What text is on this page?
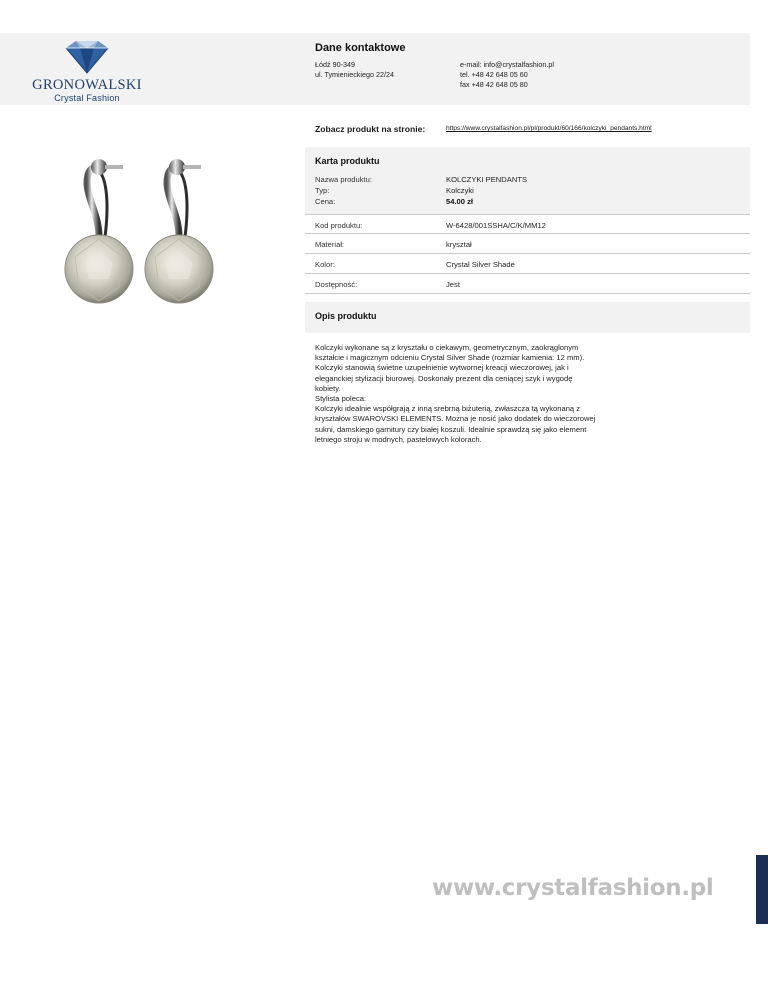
GRONOWALSKI
Crystal Fashion
Dane kontaktowe
Łódź 90-349
ul. Tymienieckiego 22/24
e-mail: info@crystalfashion.pl
tel. +48 42 648 05 60
fax +48 42 648 05 80
Zobacz produkt na stronie:	https://www.crystalfashion.pl/pl/produkt/60/166/kolczyki_pendants.html
Karta produktu
Nazwa produktu:	KOLCZYKI PENDANTS
Typ:	Kolczyki
Cena:	54.00 zł
Kod produktu:	W-6428/001SSHA/C/K/MM12
Materiał:	kryształ
Kolor:	Crystal Silver Shade
Dostępność:	Jest
Opis produktu

Kolczyki wykonane są z kryształu o ciekawym, geometrycznym, zaokrąglonym

kształcie i magicznym odcieniu Crystal Silver Shade (rozmiar kamienia: 12 mm).

Kolczyki stanowią świetne uzupełnienie wytwornej kreacji wieczorowej, jak i

eleganckiej stylizacji biurowej. Doskonały prezent dla ceniącej szyk i wygodę

kobiety.

Stylista poleca:

Kolczyki idealnie współgrają z inną srebrną biżuterią, zwłaszcza tą wykonaną z

kryształów SWAROVSKI ELEMENTS. Można je nosić jako dodatek do wieczorowej

sukni, damskiego garnitury czy białej koszuli. Idealnie sprawdzą się jako element

letniego stroju w modnych, pastelowych kolorach.

www.crystalfashion.pl
